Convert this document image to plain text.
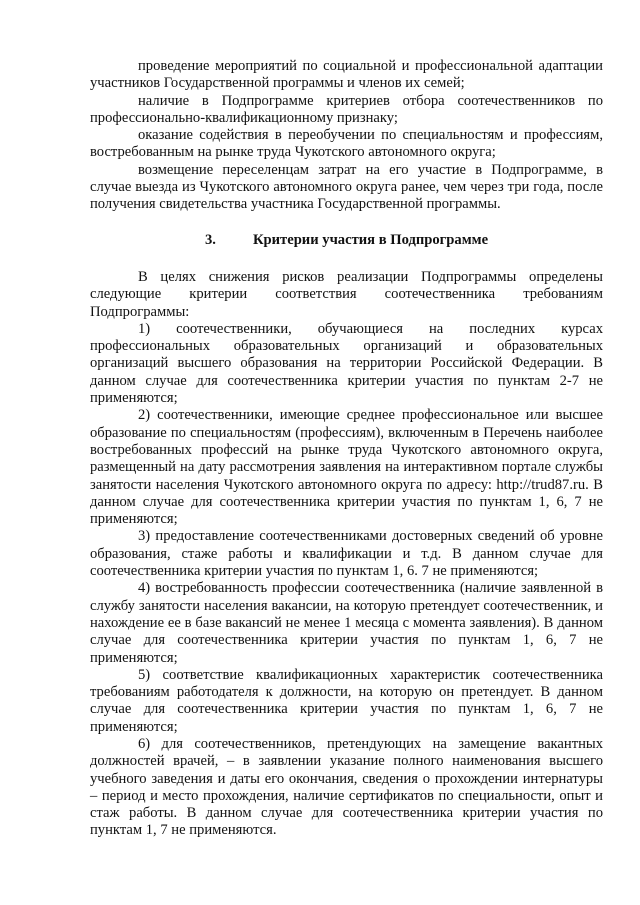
проведение мероприятий по социальной и профессиональной адаптации участников Государственной программы и членов их семей;

наличие в Подпрограмме критериев отбора соотечественников по профессионально-квалификационному признаку;

оказание содействия в переобучении по специальностям и профессиям, востребованным на рынке труда Чукотского автономного округа;

возмещение переселенцам затрат на его участие в Подпрограмме, в случае выезда из Чукотского автономного округа ранее, чем через три года, после получения свидетельства участника Государственной программы.

3.	Критерии участия в Подпрограмме

В целях снижения рисков реализации Подпрограммы определены следующие критерии соответствия соотечественника требованиям Подпрограммы:

1) соотечественники, обучающиеся на последних курсах профессиональных образовательных организаций и образовательных организаций высшего образования на территории Российской Федерации. В данном случае для соотечественника критерии участия по пунктам 2-7 не применяются;

2) соотечественники, имеющие среднее профессиональное или высшее образование по специальностям (профессиям), включенным в Перечень наиболее востребованных профессий на рынке труда Чукотского автономного округа, размещенный на дату рассмотрения заявления на интерактивном портале службы занятости населения Чукотского автономного округа по адресу: http://trud87.ru. В данном случае для соотечественника критерии участия по пунктам 1, 6, 7 не применяются;

3) предоставление соотечественниками достоверных сведений об уровне образования, стаже работы и квалификации и т.д. В данном случае для соотечественника критерии участия по пунктам 1, 6. 7 не применяются;

4) востребованность профессии соотечественника (наличие заявленной в службу занятости населения вакансии, на которую претендует соотечественник, и нахождение ее в базе вакансий не менее 1 месяца с момента заявления). В данном случае для соотечественника критерии участия по пунктам 1, 6, 7 не применяются;

5) соответствие квалификационных характеристик соотечественника требованиям работодателя к должности, на которую он претендует. В данном случае для соотечественника критерии участия по пунктам 1, 6, 7 не применяются;

6) для соотечественников, претендующих на замещение вакантных должностей врачей, – в заявлении указание полного наименования высшего учебного заведения и даты его окончания, сведения о прохождении интернатуры – период и место прохождения, наличие сертификатов по специальности, опыт и стаж работы. В данном случае для соотечественника критерии участия по пунктам 1, 7 не применяются.
